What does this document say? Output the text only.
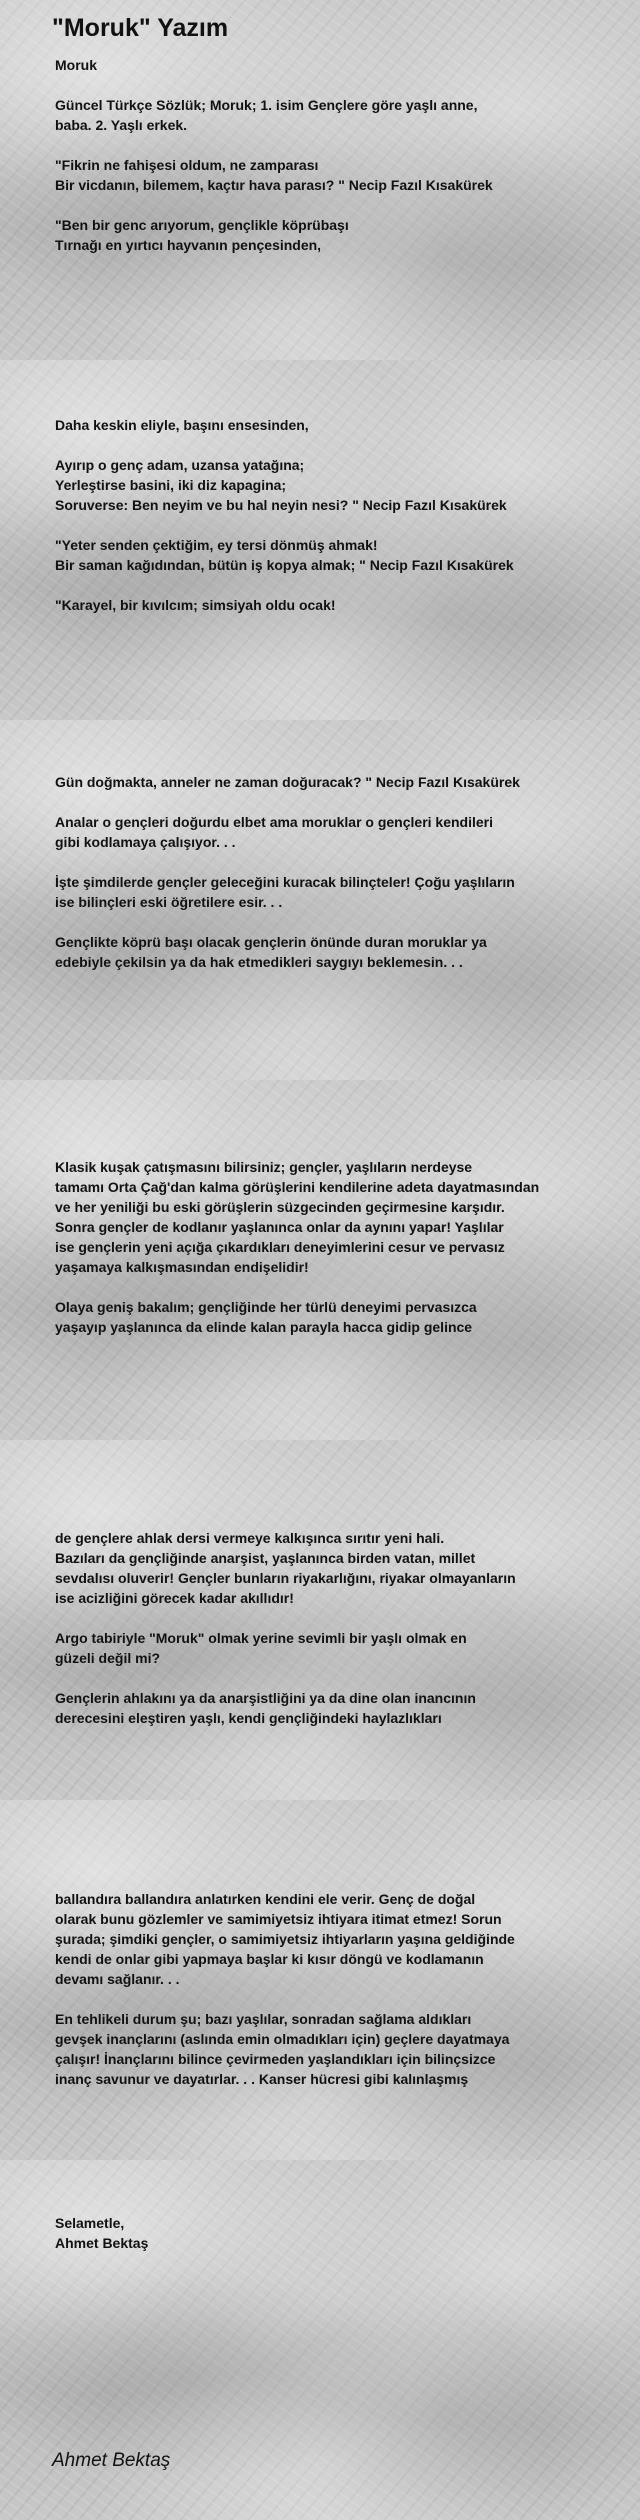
"Moruk" Yazım

Moruk

Güncel Türkçe Sözlük; Moruk; 1. isim Gençlere göre yaşlı anne,
baba. 2. Yaşlı erkek.

"Fikrin ne fahişesi oldum, ne zamparası
Bir vicdanın, bilemem, kaçtır hava parası? " Necip Fazıl Kısakürek

"Ben bir genc arıyorum, gençlikle köprübaşı
Tırnağı en yırtıcı hayvanın pençesinden,

Daha keskin eliyle, başını ensesinden,

Ayırıp o genç adam, uzansa yatağına;
Yerleştirse basini, iki diz kapagina;
Soruverse: Ben neyim ve bu hal neyin nesi? " Necip Fazıl Kısakürek

"Yeter senden çektiğim, ey tersi dönmüş ahmak!
Bir saman kağıdından, bütün iş kopya almak; " Necip Fazıl Kısakürek

"Karayel, bir kıvılcım; simsiyah oldu ocak!

Gün doğmakta, anneler ne zaman doğuracak? " Necip Fazıl Kısakürek

Analar o gençleri doğurdu elbet ama moruklar o gençleri kendileri
gibi kodlamaya çalışıyor. . .

İşte şimdilerde gençler geleceğini kuracak bilinçteler! Çoğu yaşlıların
ise bilinçleri eski öğretilere esir. . .

Gençlikte köprü başı olacak gençlerin önünde duran moruklar ya
edebiyle çekilsin ya da hak etmedikleri saygıyı beklemesin. . .

Klasik kuşak çatışmasını bilirsiniz; gençler, yaşlıların nerdeyse
tamamı Orta Çağ'dan kalma görüşlerini kendilerine adeta dayatmasından
ve her yeniliği bu eski görüşlerin süzgecinden geçirmesine karşıdır.
Sonra gençler de kodlanır yaşlanınca onlar da aynını yapar! Yaşlılar
ise gençlerin yeni açığa çıkardıkları deneyimlerini cesur ve pervasız
yaşamaya kalkışmasından endişelidir!

Olaya geniş bakalım; gençliğinde her türlü deneyimi pervasızca
yaşayıp yaşlanınca da elinde kalan parayla hacca gidip gelince

de gençlere ahlak dersi vermeye kalkışınca sırıtır yeni hali.
Bazıları da gençliğinde anarşist, yaşlanınca birden vatan, millet
sevdalısı oluverir! Gençler bunların riyakarlığını, riyakar olmayanların
ise acizliğini görecek kadar akıllıdır!

Argo tabiriyle "Moruk" olmak yerine sevimli bir yaşlı olmak en
güzeli değil mi?

Gençlerin ahlakını ya da anarşistliğini ya da dine olan inancının
derecesini eleştiren yaşlı, kendi gençliğindeki haylazlıkları

ballandıra ballandıra anlatırken kendini ele verir. Genç de doğal
olarak bunu gözlemler ve samimiyetsiz ihtiyara itimat etmez! Sorun
şurada; şimdiki gençler, o samimiyetsiz ihtiyarların yaşına geldiğinde
kendi de onlar gibi yapmaya başlar ki kısır döngü ve kodlamanın
devamı sağlanır. . .

En tehlikeli durum şu; bazı yaşlılar, sonradan sağlama aldıkları
gevşek inançlarını (aslında emin olmadıkları için) geçlere dayatmaya
çalışır! İnançlarını bilince çevirmeden yaşlandıkları için bilinçsizce
inanç savunur ve dayatırlar. . . Kanser hücresi gibi kalınlaşmış

Selametle,
Ahmet Bektaş

Ahmet Bektaş
